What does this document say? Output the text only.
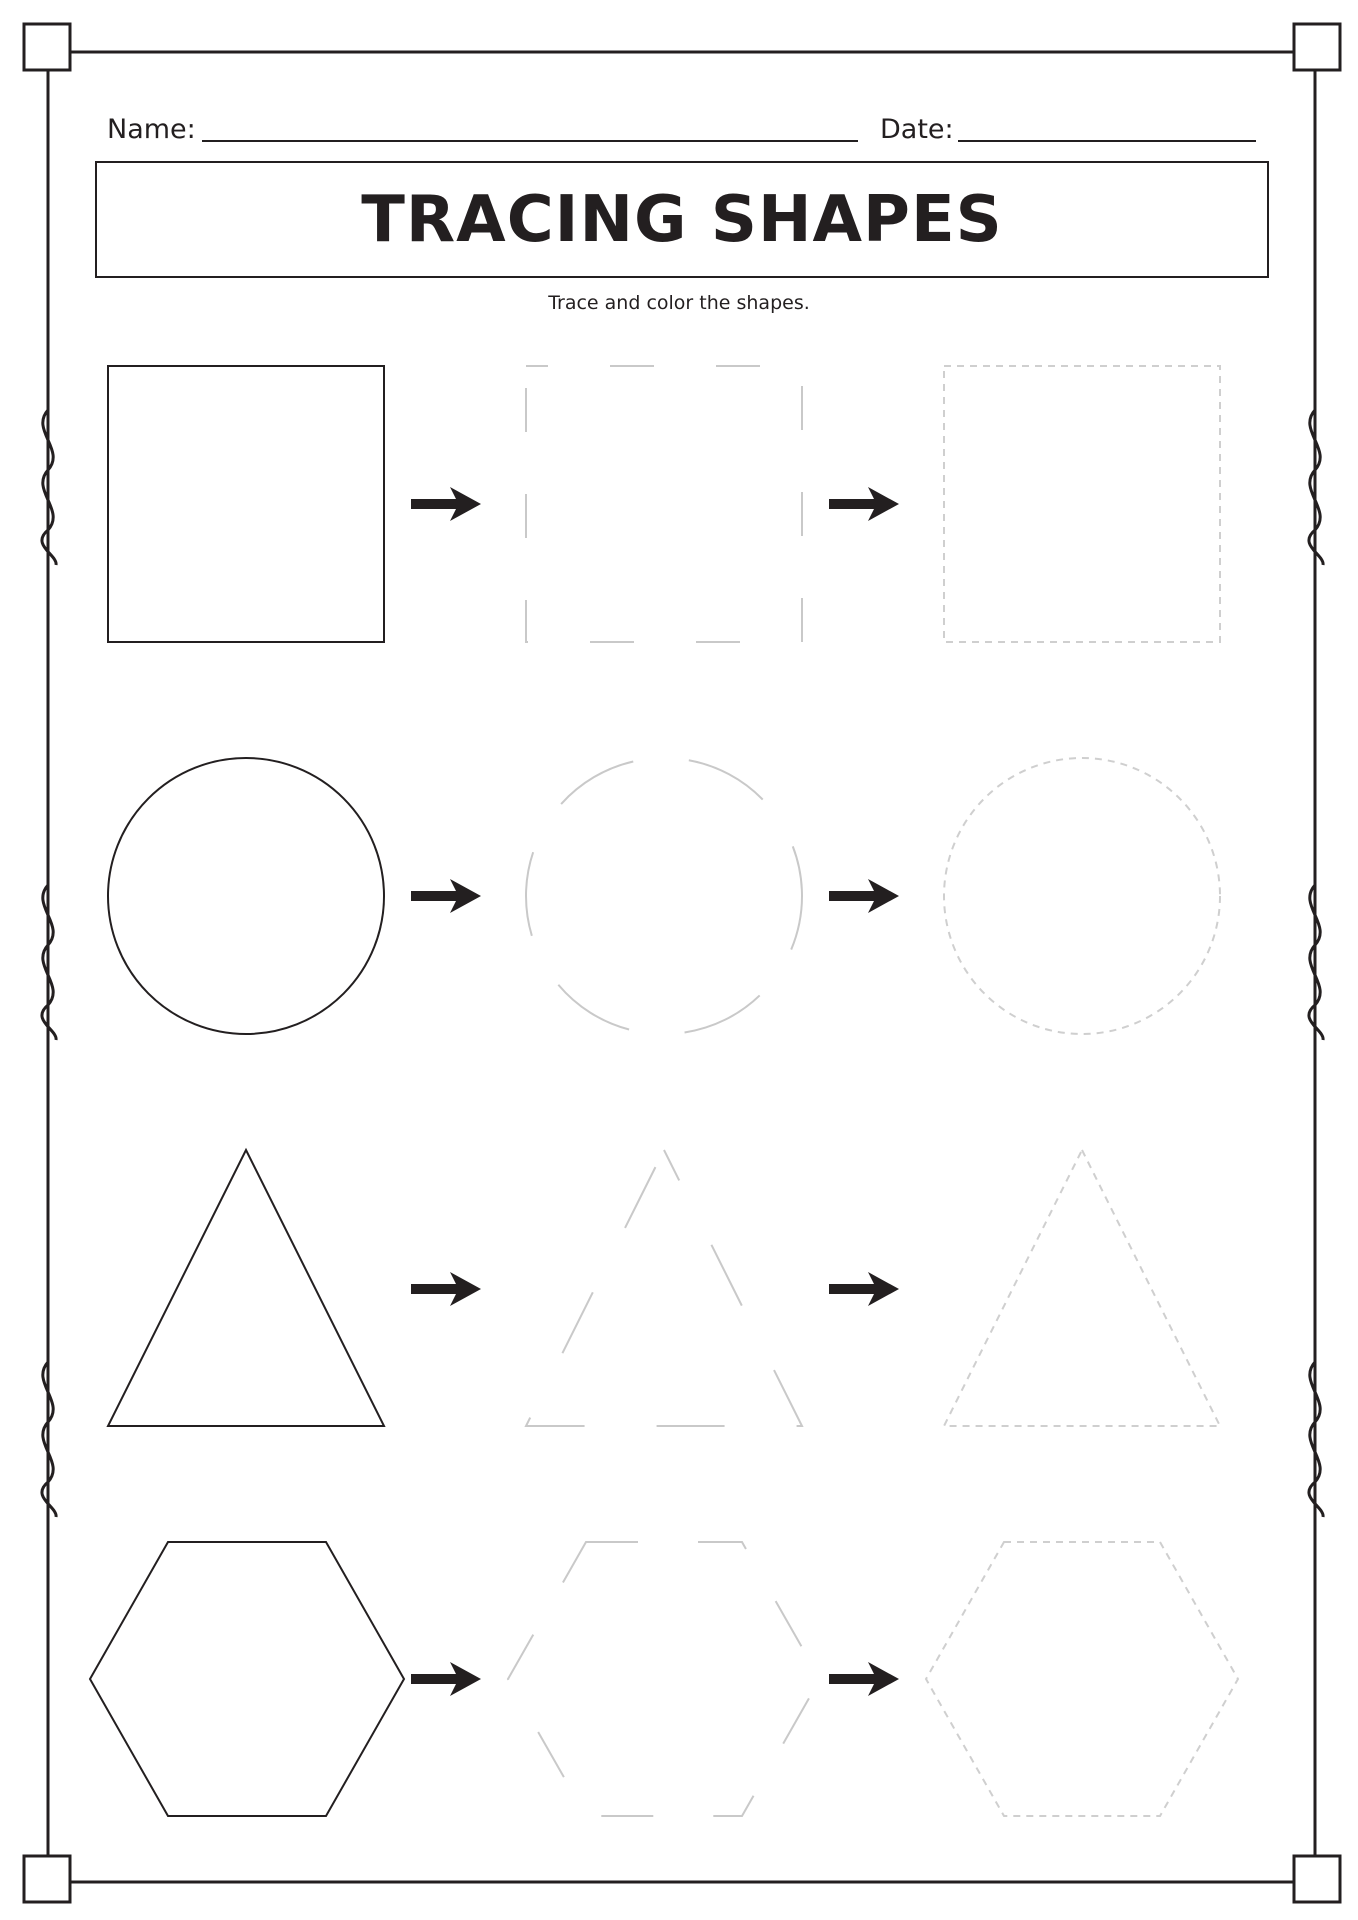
Name:	Date:
TRACING SHAPES
Trace and color the shapes.
